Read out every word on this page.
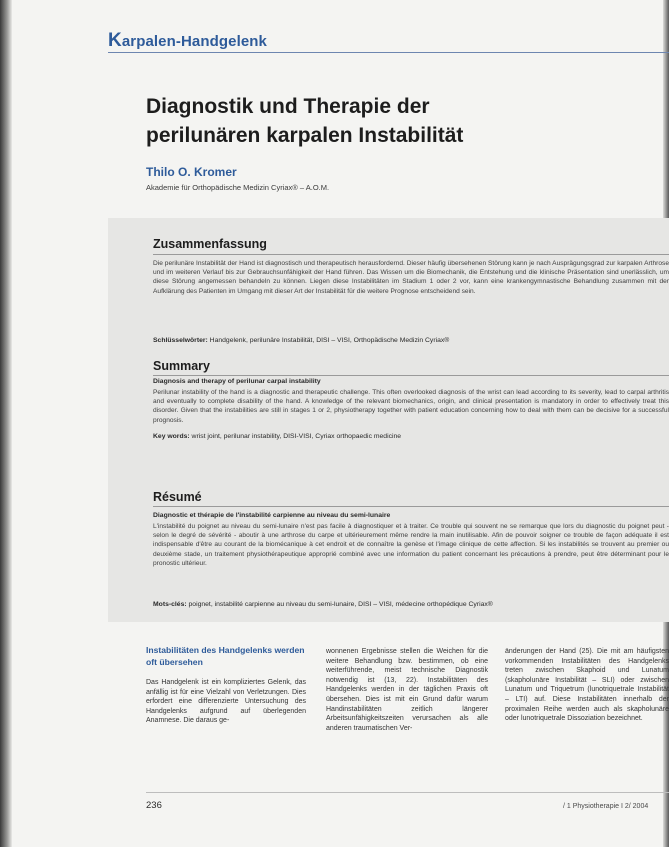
Karpalen-Handgelenk
Diagnostik und Therapie der
perilunären karpalen Instabilität
Thilo O. Kromer
Akademie für Orthopädische Medizin Cyriax® – A.O.M.
Zusammenfassung
Die perilunäre Instabilität der Hand ist diagnostisch und therapeutisch herausfordernd. Dieser häufig übersehenen Störung kann je nach Ausprägungsgrad zur karpalen Arthrose und im weiteren Verlauf bis zur Gebrauchsunfähigkeit der Hand führen. Das Wissen um die Biomechanik, die Entstehung und die klinische Präsentation sind unerlässlich, um diese Störung angemessen behandeln zu können. Liegen diese Instabilitäten im Stadium 1 oder 2 vor, kann eine krankengymnastische Behandlung zusammen mit der Aufklärung des Patienten im Umgang mit dieser Art der Instabilität für die weitere Prognose entscheidend sein.
Schlüsselwörter: Handgelenk, perilunäre Instabilität, DISI – VISI, Orthopädische Medizin Cyriax®
Summary
Diagnosis and therapy of perilunar carpal instability
Perilunar instability of the hand is a diagnostic and therapeutic challenge. This often overlooked diagnosis of the wrist can lead according to its severity, lead to carpal arthritis and eventually to complete disability of the hand. A knowledge of the relevant biomechanics, origin, and clinical presentation is mandatory in order to effectively treat this disorder. Given that the instabilities are still in stages 1 or 2, physiotherapy together with patient education concerning how to deal with them can be decisive for a successful prognosis.
Key words: wrist joint, perilunar instability, DISI-VISI, Cyriax orthopaedic medicine
Résumé
Diagnostic et thérapie de l'instabilité carpienne au niveau du semi-lunaire
L'instabilité du poignet au niveau du semi-lunaire n'est pas facile à diagnostiquer et à traiter. Ce trouble qui souvent ne se remarque que lors du diagnostic du poignet peut - selon le degré de sévérité - aboutir à une arthrose du carpe et ultérieurement même rendre la main inutilisable. Afin de pouvoir soigner ce trouble de façon adéquate il est indispensable d'être au courant de la biomécanique à cet endroit et de connaître la genèse et l'image clinique de cette affection. Si les instabilités se trouvent au premier ou deuxième stade, un traitement physiothérapeutique approprié combiné avec une information du patient concernant les précautions à prendre, peut être déterminant pour le pronostic ultérieur.
Mots-clés: poignet, instabilité carpienne au niveau du semi-lunaire, DISI – VISI, médecine orthopédique Cyriax®
Instabilitäten des Handgelenks werden oft übersehen
Das Handgelenk ist ein kompliziertes Gelenk, das anfällig ist für eine Vielzahl von Verletzungen. Dies erfordert eine differenzierte Untersuchung des Handgelenks aufgrund auf überlegenden Anamnese. Die daraus ge-
wonnenen Ergebnisse stellen die Weichen für die weitere Behandlung bzw. bestimmen, ob eine weiterführende, meist technische Diagnostik notwendig ist (13, 22). Instabilitäten des Handgelenks werden in der täglichen Praxis oft übersehen. Dies ist mit ein Grund dafür warum Handinstabilitäten zeitlich längerer Arbeitsunfähigkeitszeiten verursachen als alle anderen traumatischen Ver-
änderungen der Hand (25). Die mit am häufigsten vorkommenden Instabilitäten des Handgelenks treten zwischen Skaphoid und Lunatum (skapholunäre Instabilität – SLI) oder zwischen Lunatum und Triquetrum (lunotriquetrale Instabilität – LTI) auf. Diese Instabilitäten innerhalb der proximalen Reihe werden auch als skapholunäre oder lunotriquetrale Dissoziation bezeichnet.
236	/ 1 Physiotherapie I 2/ 2004
